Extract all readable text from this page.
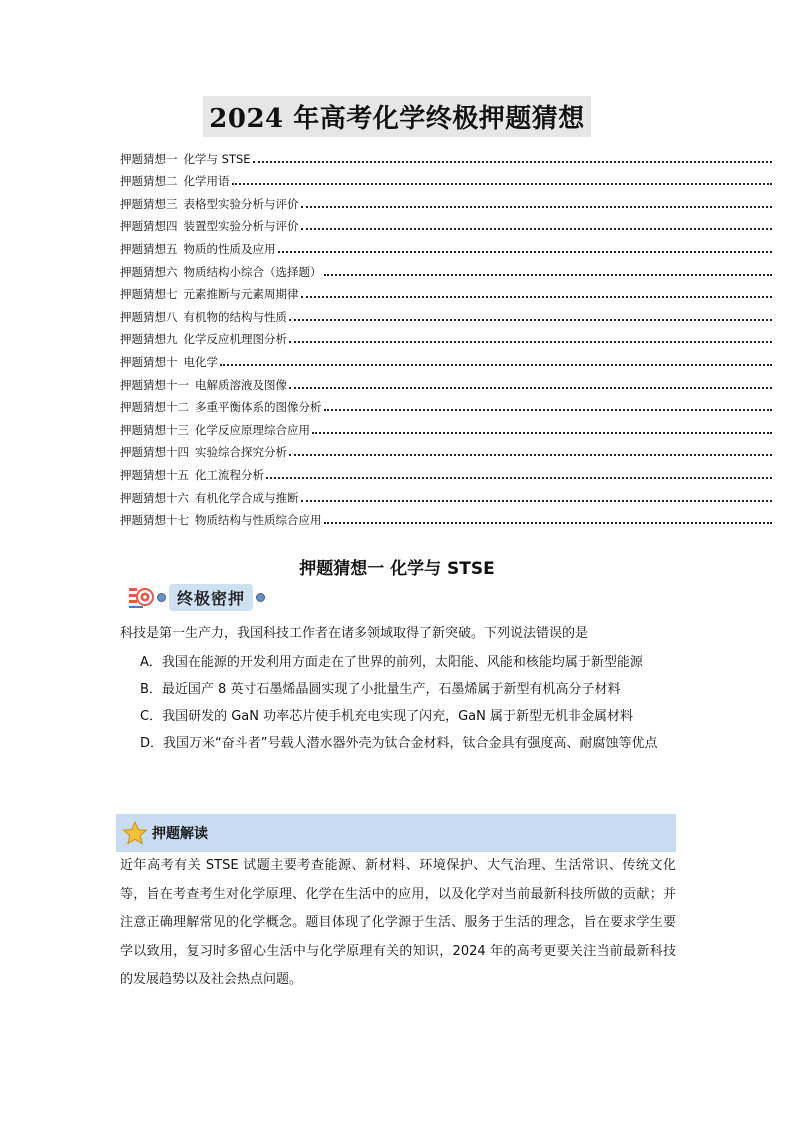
2024 年高考化学终极押题猜想
押题猜想一 化学与 STSE
押题猜想二 化学用语
押题猜想三 表格型实验分析与评价
押题猜想四 装置型实验分析与评价
押题猜想五 物质的性质及应用
押题猜想六 物质结构小综合（选择题）
押题猜想七 元素推断与元素周期律
押题猜想八 有机物的结构与性质
押题猜想九 化学反应机理图分析
押题猜想十 电化学
押题猜想十一 电解质溶液及图像
押题猜想十二 多重平衡体系的图像分析
押题猜想十三 化学反应原理综合应用
押题猜想十四 实验综合探究分析
押题猜想十五 化工流程分析
押题猜想十六 有机化学合成与推断
押题猜想十七 物质结构与性质综合应用
押题猜想一 化学与 STSE
终极密押
科技是第一生产力，我国科技工作者在诸多领域取得了新突破。下列说法错误的是
A．我国在能源的开发利用方面走在了世界的前列，太阳能、风能和核能均属于新型能源
B．最近国产 8 英寸石墨烯晶圆实现了小批量生产，石墨烯属于新型有机高分子材料
C．我国研发的 GaN 功率芯片使手机充电实现了闪充，GaN 属于新型无机非金属材料
D．我国万米“奋斗者”号载人潜水器外壳为钛合金材料，钛合金具有强度高、耐腐蚀等优点
押题解读
近年高考有关 STSE 试题主要考查能源、新材料、环境保护、大气治理、生活常识、传统文化等，旨在考查考生对化学原理、化学在生活中的应用，以及化学对当前最新科技所做的贡献；并注意正确理解常见的化学概念。题目体现了化学源于生活、服务于生活的理念，旨在要求学生要学以致用，复习时多留心生活中与化学原理有关的知识，2024 年的高考更要关注当前最新科技的发展趋势以及社会热点问题。
